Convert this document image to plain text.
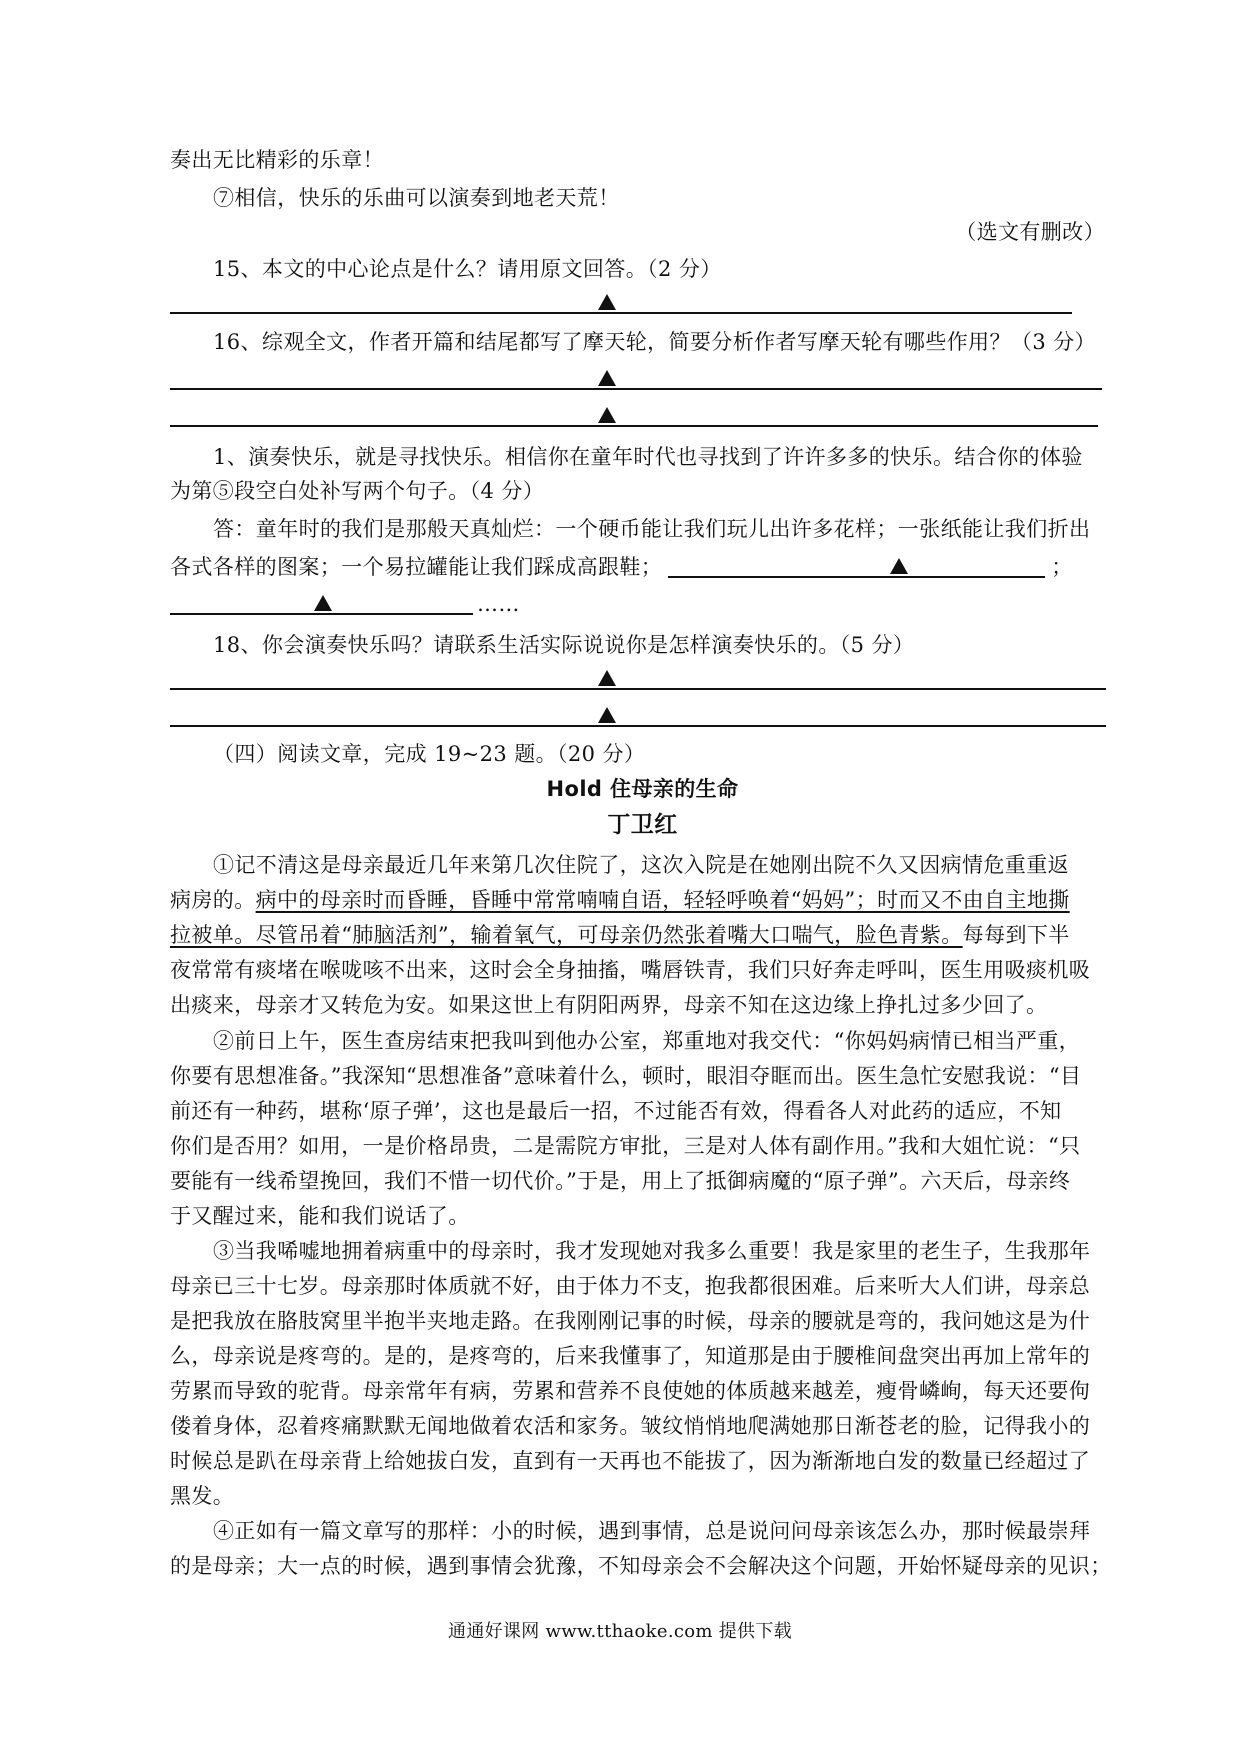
奏出无比精彩的乐章！
⑦相信，快乐的乐曲可以演奏到地老天荒！
（选文有删改）
15、本文的中心论点是什么？请用原文回答。（2 分）
16、综观全文，作者开篇和结尾都写了摩天轮，简要分析作者写摩天轮有哪些作用？（3 分）
1、演奏快乐，就是寻找快乐。相信你在童年时代也寻找到了许许多多的快乐。结合你的体验
为第⑤段空白处补写两个句子。（4 分）
答：童年时的我们是那般天真灿烂：一个硬币能让我们玩儿出许多花样；一张纸能让我们折出
各式各样的图案；一个易拉罐能让我们踩成高跟鞋；	；
……
18、你会演奏快乐吗？请联系生活实际说说你是怎样演奏快乐的。（5 分）
（四）阅读文章，完成 19~23 题。（20 分）
Hold 住母亲的生命
丁卫红
①记不清这是母亲最近几年来第几次住院了，这次入院是在她刚出院不久又因病情危重重返
病房的。病中的母亲时而昏睡，昏睡中常常喃喃自语，轻轻呼唤着“妈妈”；时而又不由自主地撕
拉被单。尽管吊着“肺脑活剂”，输着氧气，可母亲仍然张着嘴大口喘气，脸色青紫。每每到下半
夜常常有痰堵在喉咙咳不出来，这时会全身抽搐，嘴唇铁青，我们只好奔走呼叫，医生用吸痰机吸
出痰来，母亲才又转危为安。如果这世上有阴阳两界，母亲不知在这边缘上挣扎过多少回了。
②前日上午，医生查房结束把我叫到他办公室，郑重地对我交代：“你妈妈病情已相当严重，
你要有思想准备。”我深知“思想准备”意味着什么，顿时，眼泪夺眶而出。医生急忙安慰我说：“目
前还有一种药，堪称‘原子弹’，这也是最后一招，不过能否有效，得看各人对此药的适应，不知
你们是否用？如用，一是价格昂贵，二是需院方审批，三是对人体有副作用。”我和大姐忙说：“只
要能有一线希望挽回，我们不惜一切代价。”于是，用上了抵御病魔的“原子弹”。六天后，母亲终
于又醒过来，能和我们说话了。
③当我唏嘘地拥着病重中的母亲时，我才发现她对我多么重要！我是家里的老生子，生我那年
母亲已三十七岁。母亲那时体质就不好，由于体力不支，抱我都很困难。后来听大人们讲，母亲总
是把我放在胳肢窝里半抱半夹地走路。在我刚刚记事的时候，母亲的腰就是弯的，我问她这是为什
么，母亲说是疼弯的。是的，是疼弯的，后来我懂事了，知道那是由于腰椎间盘突出再加上常年的
劳累而导致的驼背。母亲常年有病，劳累和营养不良使她的体质越来越差，瘦骨嶙峋，每天还要佝
偻着身体，忍着疼痛默默无闻地做着农活和家务。皱纹悄悄地爬满她那日渐苍老的脸，记得我小的
时候总是趴在母亲背上给她拔白发，直到有一天再也不能拔了，因为渐渐地白发的数量已经超过了
黑发。
④正如有一篇文章写的那样：小的时候，遇到事情，总是说问问母亲该怎么办，那时候最崇拜
的是母亲；大一点的时候，遇到事情会犹豫，不知母亲会不会解决这个问题，开始怀疑母亲的见识；
通通好课网 www.tthaoke.com 提供下载
